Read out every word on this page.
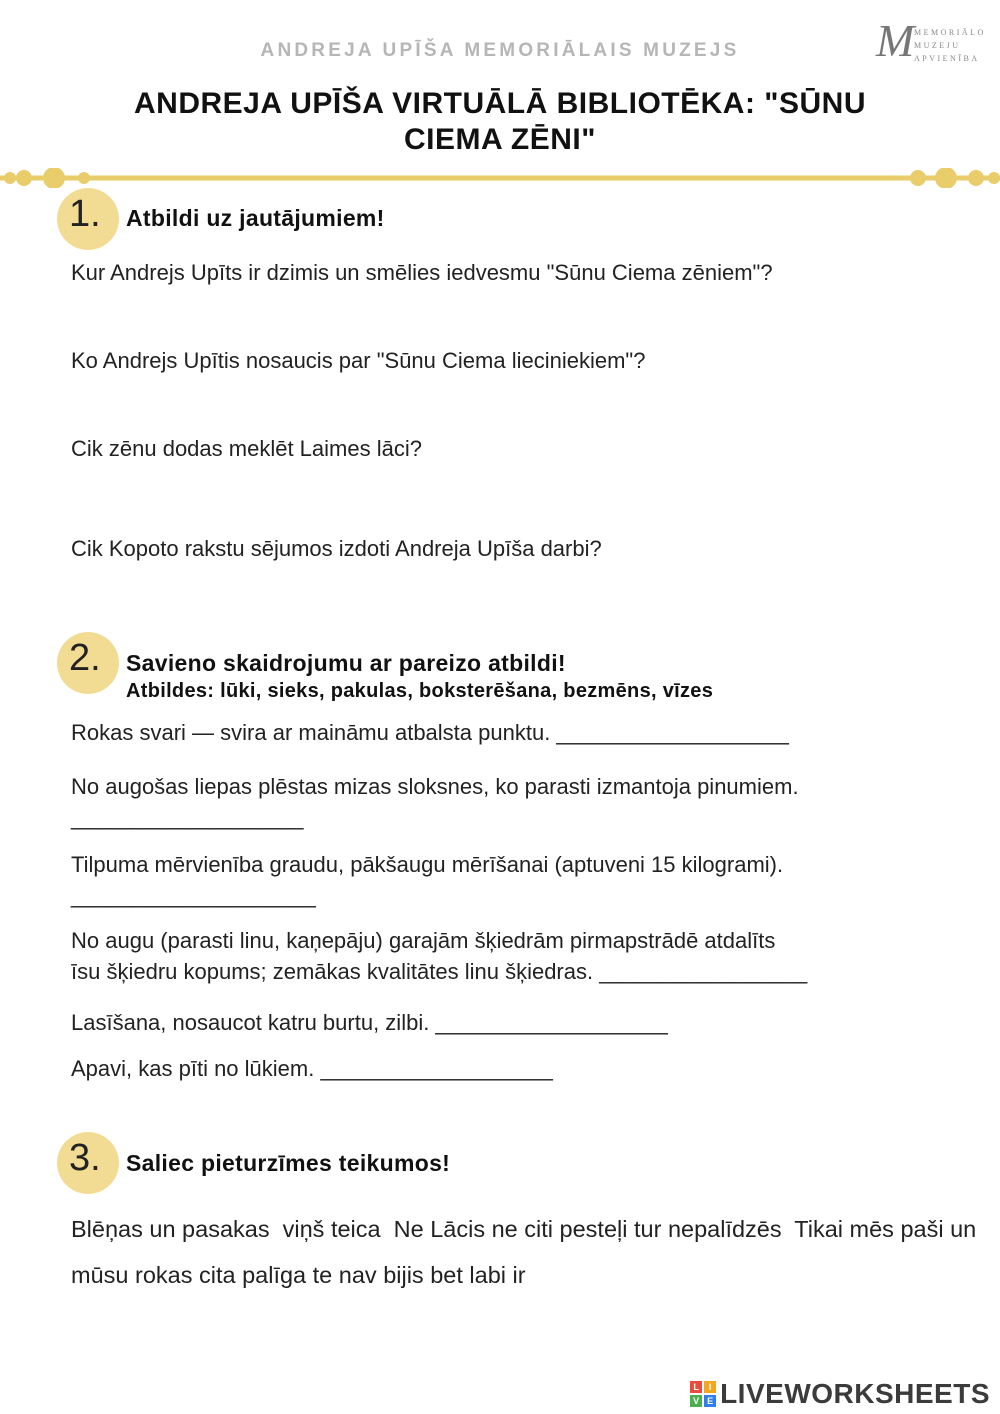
ANDREJA UPĪŠA MEMORIĀLAIS MUZEJS	M MEMORIĀLO
MUZEJU
APVIENĪBA
ANDREJA UPĪŠA VIRTUĀLĀ BIBLIOTĒKA: "SŪNU
CIEMA ZĒNI"
1. Atbildi uz jautājumiem!
Kur Andrejs Upīts ir dzimis un smēlies iedvesmu "Sūnu Ciema zēniem"?
Ko Andrejs Upītis nosaucis par "Sūnu Ciema lieciniekiem"?
Cik zēnu dodas meklēt Laimes lāci?
Cik Kopoto rakstu sējumos izdoti Andreja Upīša darbi?
2. Savieno skaidrojumu ar pareizo atbildi!
Atbildes: lūki, sieks, pakulas, boksterēšana, bezmēns, vīzes
Rokas svari — svira ar maināmu atbalsta punktu. ___________________
No augošas liepas plēstas mizas sloksnes, ko parasti izmantoja pinumiem.
___________________
Tilpuma mērvienība graudu, pākšaugu mērīšanai (aptuveni 15 kilogrami).
____________________
No augu (parasti linu, kaņepāju) garajām šķiedrām pirmapstrādē atdalīts
īsu šķiedru kopums; zemākas kvalitātes linu šķiedras. _________________
Lasīšana, nosaucot katru burtu, zilbi. ___________________
Apavi, kas pīti no lūkiem. ___________________
3. Saliec pieturzīmes teikumos!
Blēņas un pasakas  viņš teica  Ne Lācis ne citi pesteļi tur nepalīdzēs  Tikai mēs paši un mūsu rokas cita palīga te nav bijis bet labi ir
L	I
V E LIVEWORKSHEETS
